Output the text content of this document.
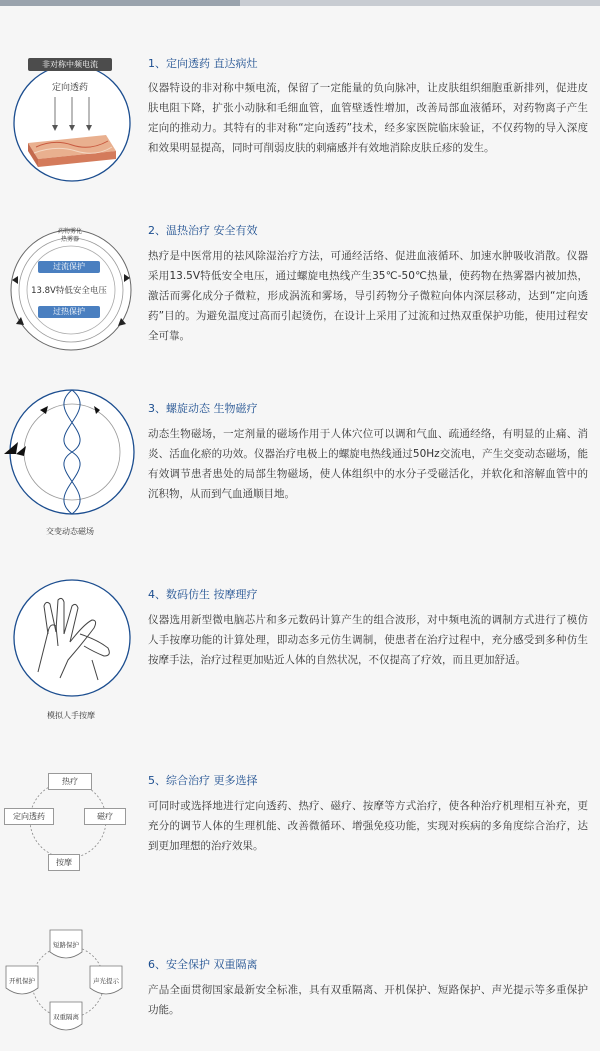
非对称中频电流
定向透药
1、定向透药 直达病灶
仪器特设的非对称中频电流，保留了一定能量的负向脉冲，让皮肤组织细胞重新排列，促进皮肤电阻下降，扩张小动脉和毛细血管，血管壁透性增加，改善局部血液循环，对药物离子产生定向的推动力。其特有的非对称“定向透药”技术，经多家医院临床验证，不仅药物的导入深度和效果明显提高，同时可削弱皮肤的刺痛感并有效地消除皮肤丘疹的发生。
药物雾化
热雾器
过流保护
13.8V特低安全电压
过热保护
2、温热治疗 安全有效
热疗是中医常用的祛风除湿治疗方法，可通经活络、促进血液循环、加速水肿吸收消散。仪器采用13.5V特低安全电压，通过螺旋电热线产生35℃-50℃热量，使药物在热雾器内被加热，激活而雾化成分子微粒，形成涡流和雾场，导引药物分子微粒向体内深层移动，达到“定向透药”目的。为避免温度过高而引起烫伤，在设计上采用了过流和过热双重保护功能，使用过程安全可靠。
交变动态磁场
3、螺旋动态 生物磁疗
动态生物磁场，一定剂量的磁场作用于人体穴位可以调和气血、疏通经络，有明显的止痛、消炎、活血化瘀的功效。仪器治疗电极上的螺旋电热线通过50Hz交流电，产生交变动态磁场，能有效调节患者患处的局部生物磁场，使人体组织中的水分子受磁活化，并软化和溶解血管中的沉积物，从而到气血通顺目地。
模拟人手按摩
4、数码仿生 按摩理疗
仪器选用新型微电脑芯片和多元数码计算产生的组合波形，对中频电流的调制方式进行了模仿人手按摩功能的计算处理，即动态多元仿生调制，使患者在治疗过程中，充分感受到多种仿生按摩手法，治疗过程更加贴近人体的自然状况，不仅提高了疗效，而且更加舒适。
热疗
定向透药	磁疗
按摩
5、综合治疗 更多选择
可同时或选择地进行定向透药、热疗、磁疗、按摩等方式治疗，使各种治疗机理相互补充，更充分的调节人体的生理机能、改善微循环、增强免疫功能，实现对疾病的多角度综合治疗，达到更加理想的治疗效果。
短路保护
开机保护	声光提示
双重隔离
6、安全保护 双重隔离
产品全面贯彻国家最新安全标准，具有双重隔离、开机保护、短路保护、声光提示等多重保护功能。
